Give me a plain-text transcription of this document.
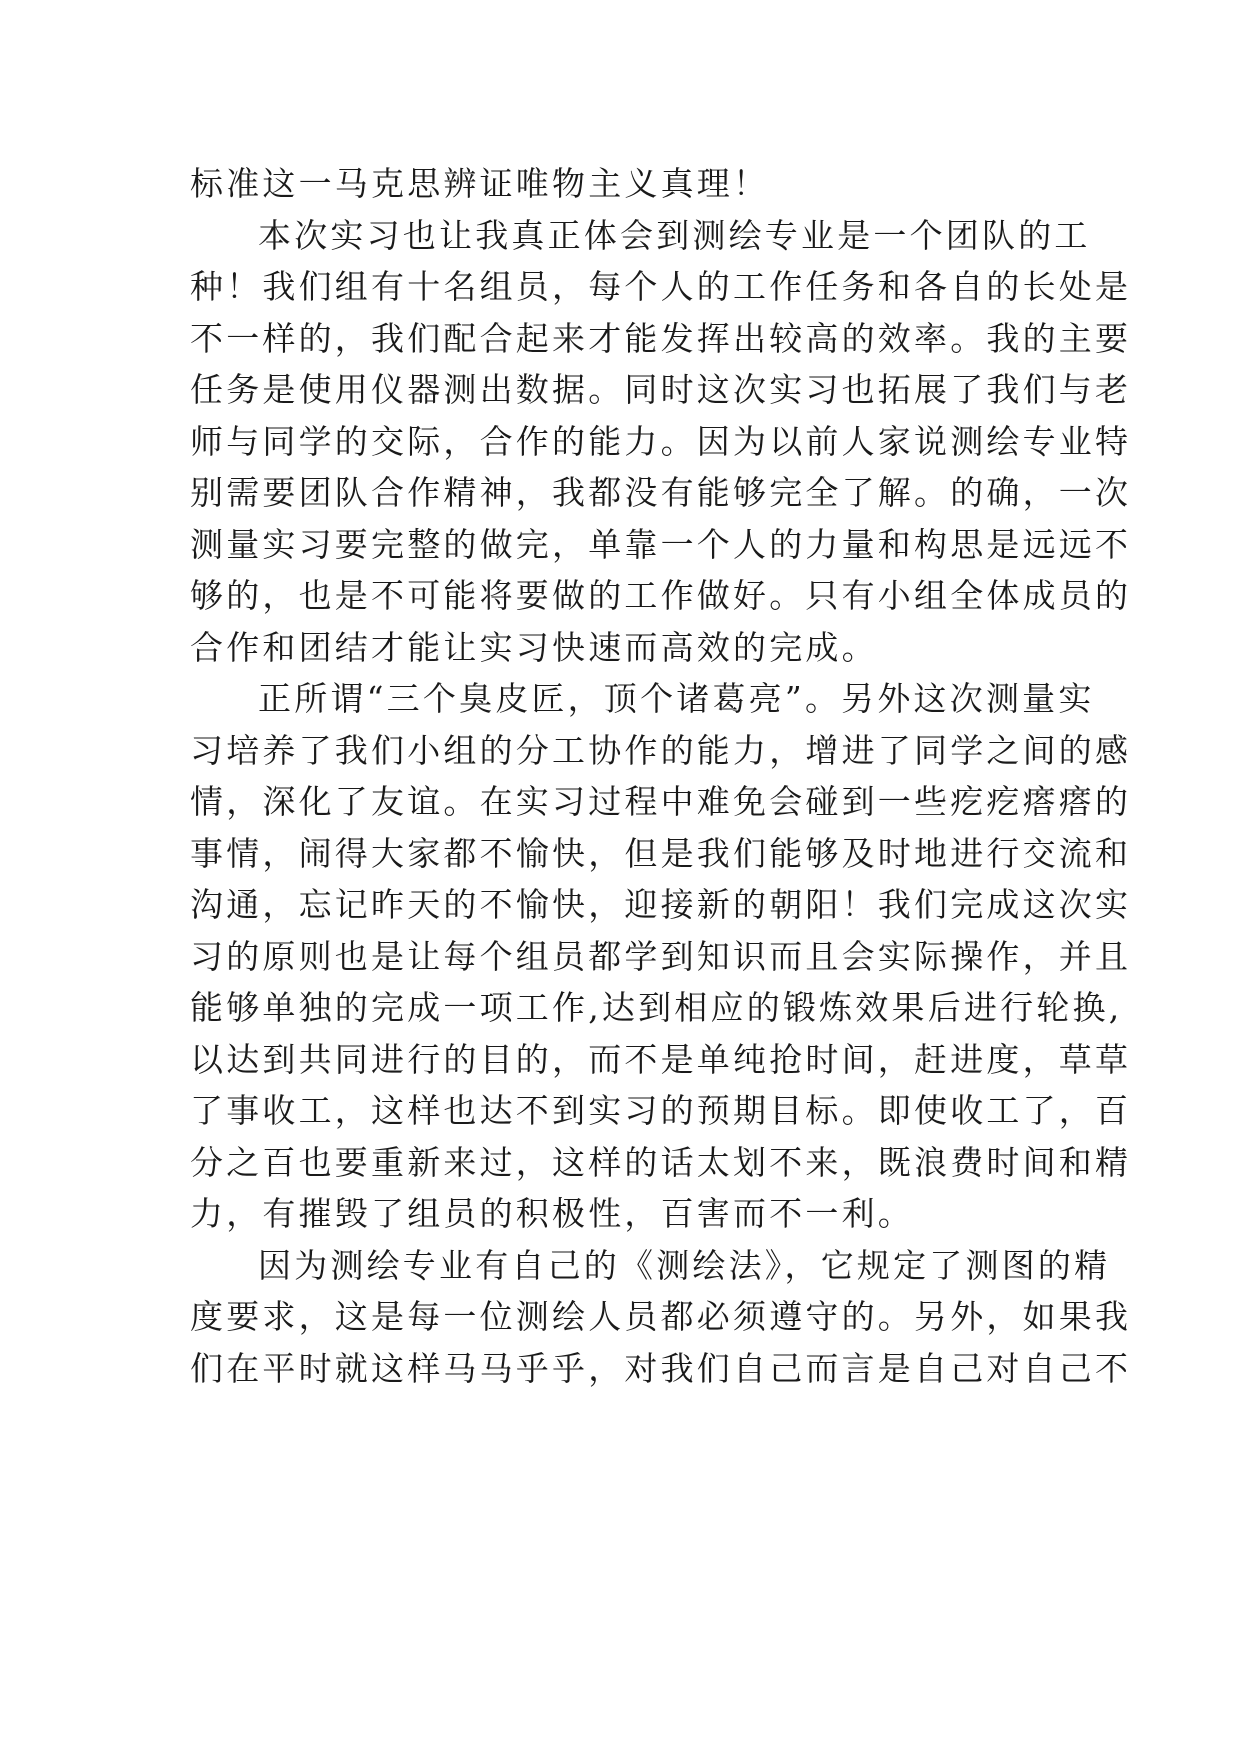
标准这一马克思辨证唯物主义真理！
本次实习也让我真正体会到测绘专业是一个团队的工
种！我们组有十名组员，每个人的工作任务和各自的长处是
不一样的，我们配合起来才能发挥出较高的效率。我的主要
任务是使用仪器测出数据。同时这次实习也拓展了我们与老
师与同学的交际，合作的能力。因为以前人家说测绘专业特
别需要团队合作精神，我都没有能够完全了解。的确，一次
测量实习要完整的做完，单靠一个人的力量和构思是远远不
够的，也是不可能将要做的工作做好。只有小组全体成员的
合作和团结才能让实习快速而高效的完成。
正所谓“三个臭皮匠，顶个诸葛亮”。另外这次测量实
习培养了我们小组的分工协作的能力，增进了同学之间的感
情，深化了友谊。在实习过程中难免会碰到一些疙疙瘩瘩的
事情，闹得大家都不愉快，但是我们能够及时地进行交流和
沟通，忘记昨天的不愉快，迎接新的朝阳！我们完成这次实
习的原则也是让每个组员都学到知识而且会实际操作，并且
能够单独的完成一项工作,达到相应的锻炼效果后进行轮换,
以达到共同进行的目的，而不是单纯抢时间，赶进度，草草
了事收工，这样也达不到实习的预期目标。即使收工了，百
分之百也要重新来过，这样的话太划不来，既浪费时间和精
力，有摧毁了组员的积极性，百害而不一利。
因为测绘专业有自己的《测绘法》，它规定了测图的精
度要求，这是每一位测绘人员都必须遵守的。另外，如果我
们在平时就这样马马乎乎，对我们自己而言是自己对自己不
